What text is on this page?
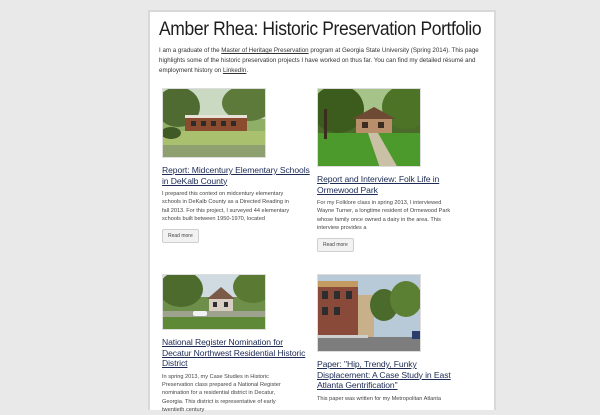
Amber Rhea: Historic Preservation Portfolio
I am a graduate of the Master of Heritage Preservation program at Georgia State University (Spring 2014). This page highlights some of the historic preservation projects I have worked on thus far. You can find my detailed résumé and employment history on LinkedIn.
Report: Midcentury Elementary Schools in DeKalb County
I prepared this context on midcentury elementary schools in DeKalb County as a Directed Reading in fall 2013. For this project, I surveyed 44 elementary schools built between 1950-1970, located
Read more
Report and Interview: Folk Life in Ormewood Park
For my Folklore class in spring 2013, I interviewed Wayne Turner, a longtime resident of Ormewood Park whose family once owned a dairy in the area. This interview provides a
Read more
National Register Nomination for Decatur Northwest Residential Historic District
In spring 2013, my Case Studies in Historic Preservation class prepared a National Register nomination for a residential district in Decatur, Georgia. This district is representative of early twentieth century
Paper: "Hip, Trendy, Funky Displacement: A Case Study in East Atlanta Gentrification"
This paper was written for my Metropolitan Atlanta
